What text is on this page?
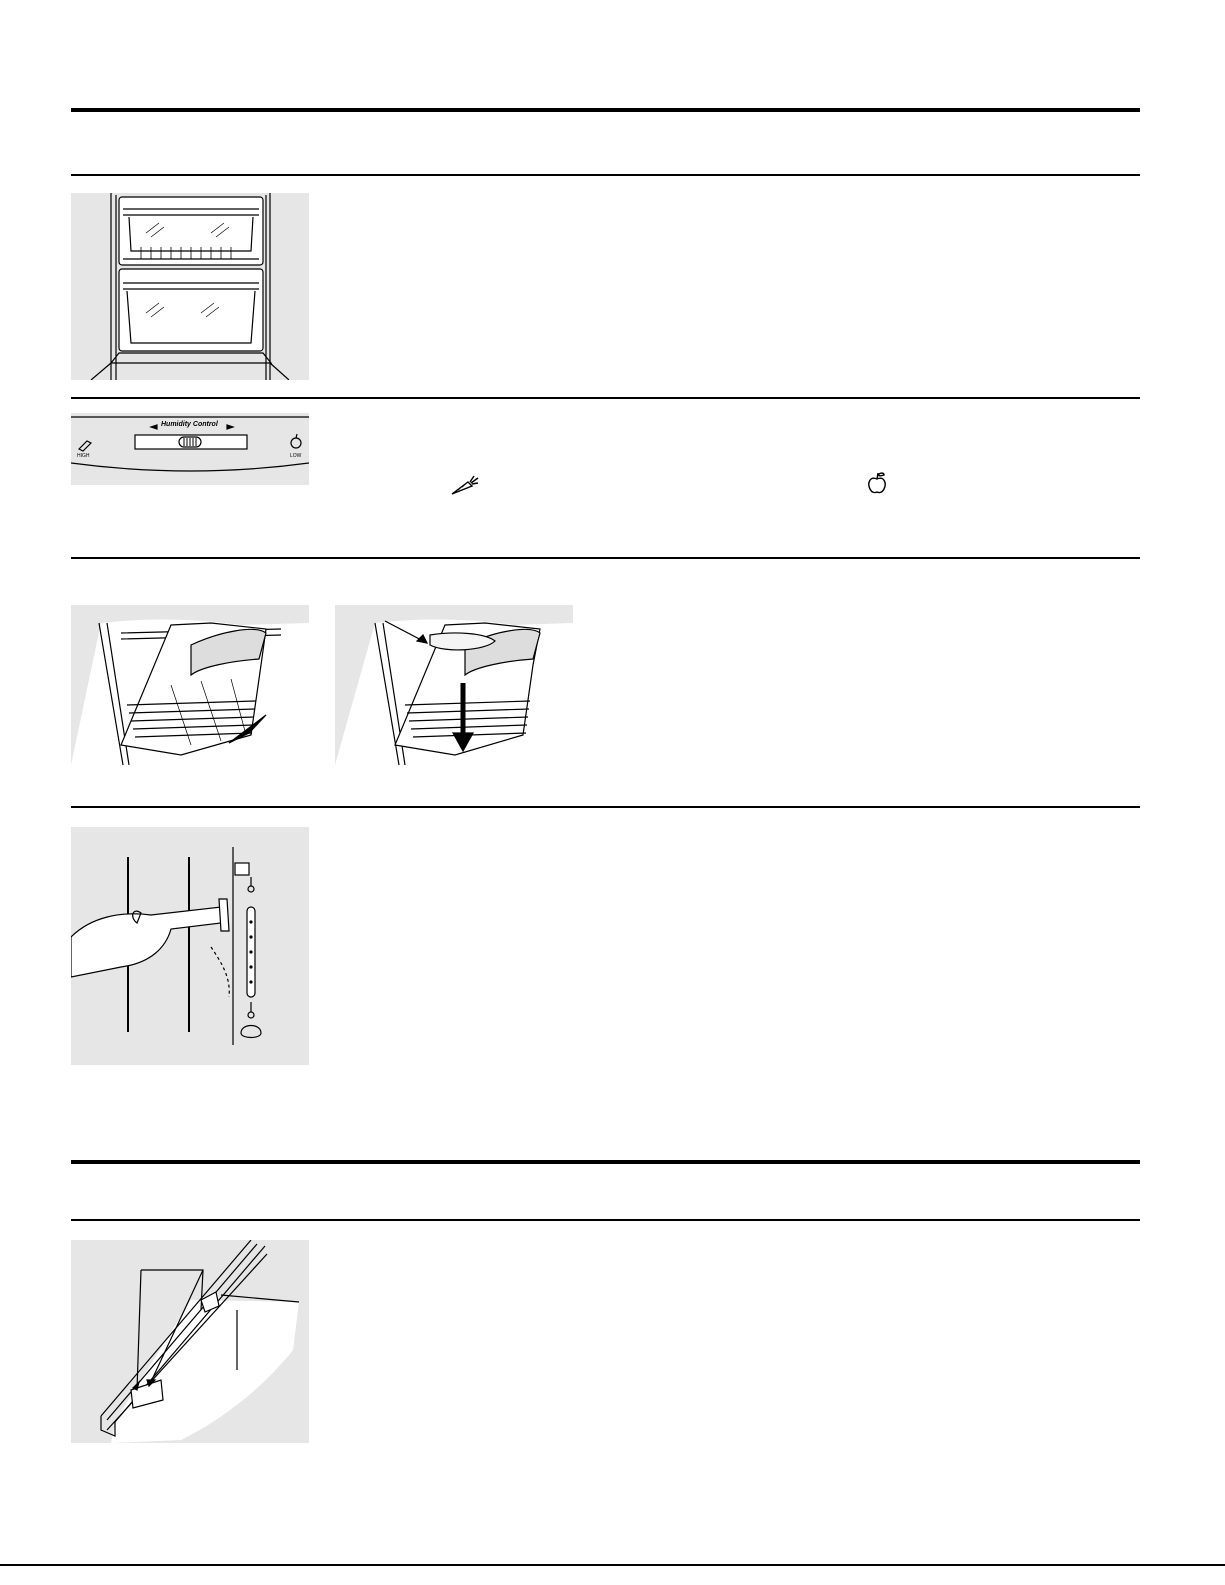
Humidity Control
HIGH	LOW
